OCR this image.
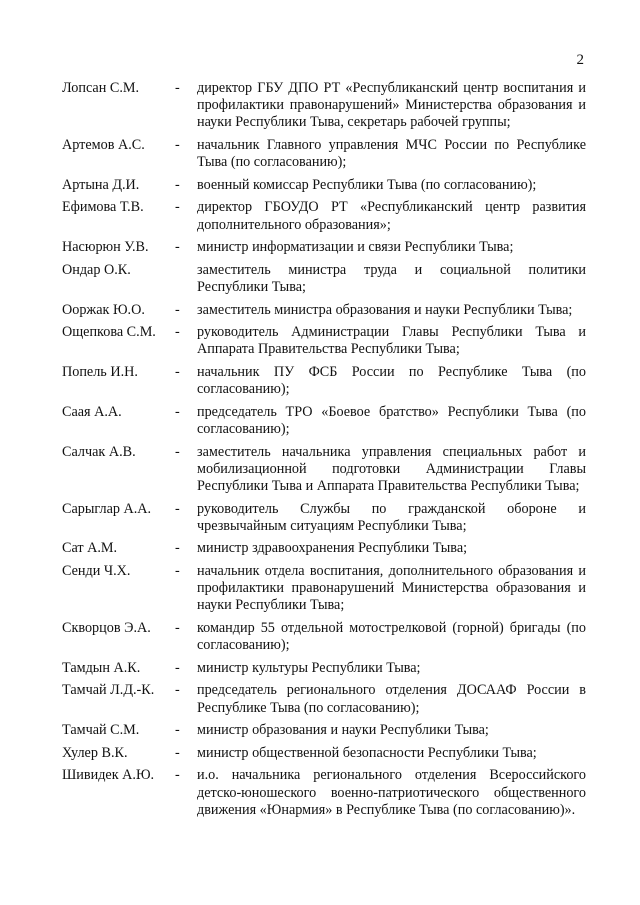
2
Лопсан С.М.	-	директор ГБУ ДПО РТ «Республиканский центр воспитания и профилактики правонарушений» Министерства образования и науки Республики Тыва, секретарь рабочей группы;
Артемов А.С.	-	начальник Главного управления МЧС России по Республике Тыва (по согласованию);
Артына Д.И.	-	военный комиссар Республики Тыва (по согласованию);
Ефимова Т.В.	-	директор ГБОУДО РТ «Республиканский центр развития дополнительного образования»;
Насюрюн У.В.	-	министр информатизации и связи Республики Тыва;
Ондар О.К.	заместитель министра труда и социальной политики Республики Тыва;
Ооржак Ю.О.	-	заместитель министра образования и науки Республики Тыва;
Ощепкова С.М.	-	руководитель Администрации Главы Республики Тыва и Аппарата Правительства Республики Тыва;
Попель И.Н.	-	начальник ПУ ФСБ России по Республике Тыва (по согласованию);
Саая А.А.	-	председатель ТРО «Боевое братство» Республики Тыва (по согласованию);
Салчак А.В.	-	заместитель начальника управления специальных работ и мобилизационной подготовки Администрации Главы Республики Тыва и Аппарата Правительства Республики Тыва;
Сарыглар А.А.	-	руководитель Службы по гражданской обороне и чрезвычайным ситуациям Республики Тыва;
Сат А.М.	-	министр здравоохранения Республики Тыва;
Сенди Ч.Х.	-	начальник отдела воспитания, дополнительного образования и профилактики правонарушений Министерства образования и науки Республики Тыва;
Скворцов Э.А.	-	командир 55 отдельной мотострелковой (горной) бригады (по согласованию);
Тамдын А.К.	-	министр культуры Республики Тыва;
Тамчай Л.Д.-К.	-	председатель регионального отделения ДОСААФ России в Республике Тыва (по согласованию);
Тамчай С.М.	-	министр образования и науки Республики Тыва;
Хулер В.К.	-	министр общественной безопасности Республики Тыва;
Шивидек А.Ю.	-	и.о. начальника регионального отделения Всероссийского детско-юношеского военно-патриотического общественного движения «Юнармия» в Республике Тыва (по согласованию)».
